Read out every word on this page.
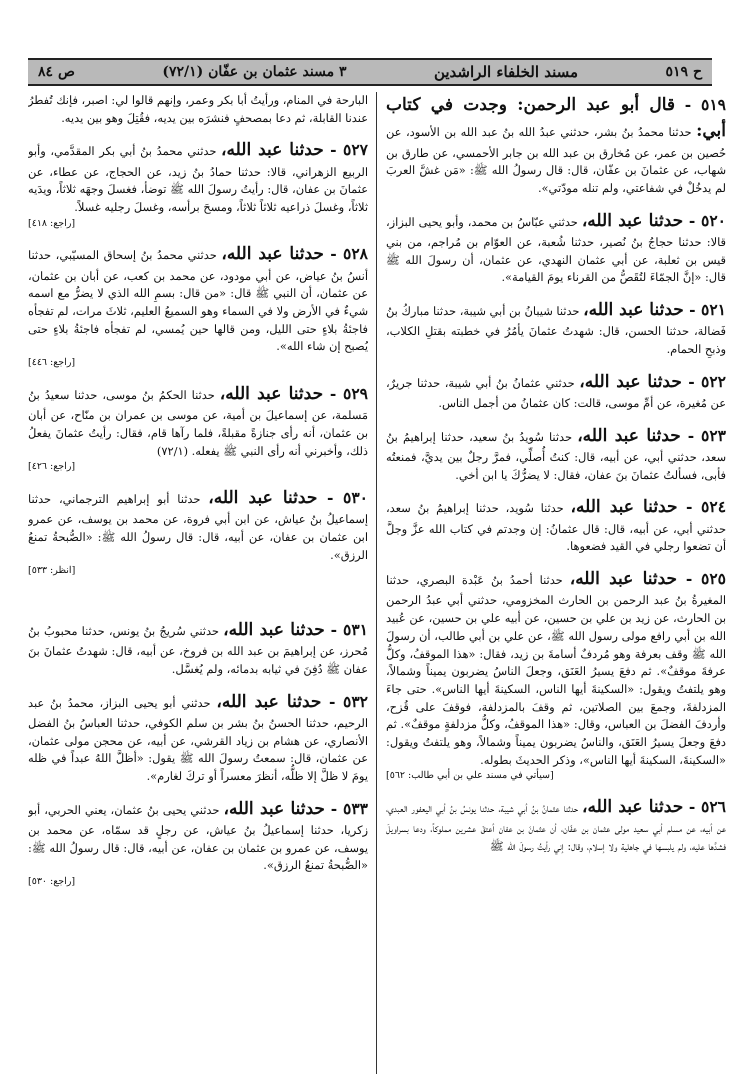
ح ٥١٩
مسند الخلفاء الراشدين
٣ مسند عثمان بن عفّان (٧٢/١)
ص ٨٤

٥١٩ - قال أبو عبد الرحمن: وجدت في كتاب أبي: حدثنا محمدُ بنُ بشر، حدثني عبدُ الله بنُ عبد الله بن الأسود، عن حُصين بن عمر، عن مُخارق بن عبد الله بن جابر الأحمسي، عن طارق بن شهاب، عن عثمانَ بن عفّان، قال: قال رسولُ الله ﷺ: «مَن غشَّ العربَ لم يدخُلْ في شفاعتي، ولم تنله مودّتي».

٥٢٠ - حدثنا عبد الله، حدثني عبّاسُ بن محمد، وأبو يحيى البزاز، قالا: حدثنا حجاجُ بنُ نُصير، حدثنا شُعبة، عن العوّام بن مُراجم، من بني قيس بن ثعلبة، عن أبي عثمان النهدي، عن عثمان، أن رسولَ الله ﷺ قال: «إنَّ الجمّاءَ لتُقَصُّ من القرناء يومَ القيامة».

٥٢١ - حدثنا عبد الله، حدثنا شيبانُ بن أبي شيبة، حدثنا مباركُ بنُ فَضالة، حدثنا الحسن، قال: شهدتُ عثمانَ يأمُرُ في خطبته بقتلِ الكلاب، وذبحِ الحمام.

٥٢٢ - حدثنا عبد الله، حدثني عثمانُ بنُ أبي شيبة، حدثنا جريرٌ، عن مُغيرة، عن أمِّ موسى، قالت: كان عثمانُ من أجمل الناس.

٥٢٣ - حدثنا عبد الله، حدثنا سُويدُ بنُ سعيد، حدثنا إبراهيمُ بنُ سعد، حدثني أبي، عن أبيه، قال: كنتُ أُصلِّي، فمرَّ رجلٌ بين يديَّ، فمنعتُه فأبى، فسألتُ عثمانَ بنَ عفان، فقال: لا يضرُّكَ يا ابن أخي.

٥٢٤ - حدثنا عبد الله، حدثنا سُويد، حدثنا إبراهيمُ بنُ سعد، حدثني أبي، عن أبيه، قال: قال عثمانُ: إن وجدتم في كتاب الله عزَّ وجلَّ أن تضعوا رجلي في القيد فضعوها.

٥٢٥ - حدثنا عبد الله، حدثنا أحمدُ بنُ عَبْدة البصري، حدثنا المغيرةُ بنُ عبد الرحمن بن الحارث المخزومي، حدثني أبي عبدُ الرحمن بن الحارث، عن زيد بن علي بن حسين، عن أبيه علي بن حسين، عن عُبيد الله بن أبي رافع مولى رسول الله ﷺ، عن علي بن أبي طالب، أن رسولَ الله ﷺ وقف بعرفة وهو مُردفٌ أسامةَ بن زيد، فقال: «هذا الموقفُ، وكلُّ عرفةَ موقفٌ». ثم دفعَ يسيرُ العَنَق، وجعلَ الناسُ يضربون يميناً وشمالاً، وهو يلتفتُ ويقول: «السكينةَ أيها الناس، السكينةَ أيها الناس». حتى جاءَ المزدلفةَ، وجمعَ بين الصلاتين، ثم وقفَ بالمزدلفة، فوقفَ على قُزح، وأردفَ الفضلَ بن العباس، وقال: «هذا الموقفُ، وكلُّ مزدلفةٍ موقفٌ». ثم دفعَ وجعلَ يسيرُ العَنَق، والناسُ يضربون يميناً وشمالاً، وهو يلتفتُ ويقول: «السكينةَ، السكينةَ أيها الناس»، وذكر الحديثَ بطوله.
[سيأتي في مسند علي بن أبي طالب: ٥٦٢]

٥٢٦ - حدثنا عبد الله، حدثنا عثمانُ بنُ أبي شيبة، حدثنا يونسُ بنُ أبي اليعفور العبدي، عن أبيه، عن مسلم أبي سعيد مولى عثمان بن عفّان، أن عثمانَ بن عفان أعتقَ عشرين مملوكاً، ودعا بسراويلَ فشدَّها عليه، ولم يلبسها في جاهلية ولا إسلام، وقال: إني رأيتُ رسولَ الله ﷺ

البارحة في المنام، ورأيتُ أبا بكر وعمر، وإنهم قالوا لي: اصبر، فإنك تُفطرُ عندنا القابلة، ثم دعا بمصحفٍ فنشرَه بين يديه، فقُتِلَ وهو بين يديه.

٥٢٧ - حدثنا عبد الله، حدثني محمدُ بنُ أبي بكر المقدَّمي، وأبو الربيع الزهراني، قالا: حدثنا حمادُ بنُ زيد، عن الحجاج، عن عطاء، عن عثمانَ بن عفان، قال: رأيتُ رسولَ الله ﷺ توضأ، فغسلَ وجهَه ثلاثاً، ويدَيه ثلاثاً، وغسلَ ذراعيه ثلاثاً ثلاثاً، ومسحَ برأسه، وغسلَ رجليه غسلاً.
[راجع: ٤١٨]

٥٢٨ - حدثنا عبد الله، حدثني محمدُ بنُ إسحاق المسيّبي، حدثنا أنسُ بنُ عياض، عن أبي مودود، عن محمد بن كعب، عن أبان بن عثمان، عن عثمان، أن النبي ﷺ قال: «من قال: بسمِ الله الذي لا يضرُّ مع اسمه شيءٌ في الأرض ولا في السماء وهو السميعُ العليم، ثلاثَ مرات، لم تفجأه فاجئةُ بلاءٍ حتى الليل، ومن قالها حين يُمسي، لم تفجأه فاجئةُ بلاءٍ حتى يُصبح إن شاء الله».
[راجع: ٤٤٦]

٥٢٩ - حدثنا عبد الله، حدثنا الحكمُ بنُ موسى، حدثنا سعيدُ بنُ مَسلمة، عن إسماعيلَ بن أمية، عن موسى بن عمران بن منّاح، عن أبان بن عثمان، أنه رأى جنازةً مقبلةً، فلما رآها قام، فقال: رأيتُ عثمانَ يفعلُ ذلك، وأخبرني أنه رأى النبي ﷺ يفعله. (٧٢/١)
[راجع: ٤٢٦]

٥٣٠ - حدثنا عبد الله، حدثنا أبو إبراهيم الترجماني، حدثنا إسماعيلُ بنُ عياش، عن ابن أبي فروة، عن محمد بن يوسف، عن عمرو ابن عثمان بن عفان، عن أبيه، قال: قال رسولُ الله ﷺ: «الصُّبحةُ تمنعُ الرزق».
[انظر: ٥٣٣]

٥٣١ - حدثنا عبد الله، حدثني سُريجُ بنُ يونس، حدثنا محبوبُ بنُ مُحرز، عن إبراهيمَ بن عبد الله بن فروخ، عن أبيه، قال: شهدتُ عثمانَ بنَ عفان ﷺ دُفِنَ في ثيابه بدمائه، ولم يُغسَّل.

٥٣٢ - حدثنا عبد الله، حدثني أبو يحيى البزاز، محمدُ بنُ عبد الرحيم، حدثنا الحسنُ بنُ بشر بن سلم الكوفي، حدثنا العباسُ بنُ الفضل الأنصاري، عن هشام بن زياد القرشي، عن أبيه، عن محجن مولى عثمان، عن عثمان، قال: سمعتُ رسولَ الله ﷺ يقول: «أظلَّ اللهُ عبداً في ظله يومَ لا ظلَّ إلا ظلُّه، أنظرَ معسراً أو تركَ لغارم».

٥٣٣ - حدثنا عبد الله، حدثني يحيى بنُ عثمان، يعني الحربي، أبو زكريا، حدثنا إسماعيلُ بنُ عياش، عن رجلٍ قد سمّاه، عن محمد بن يوسف، عن عمرو بن عثمان بن عفان، عن أبيه، قال: قال رسولُ الله ﷺ: «الصُّبحةُ تمنعُ الرزق».
[راجع: ٥٣٠]
